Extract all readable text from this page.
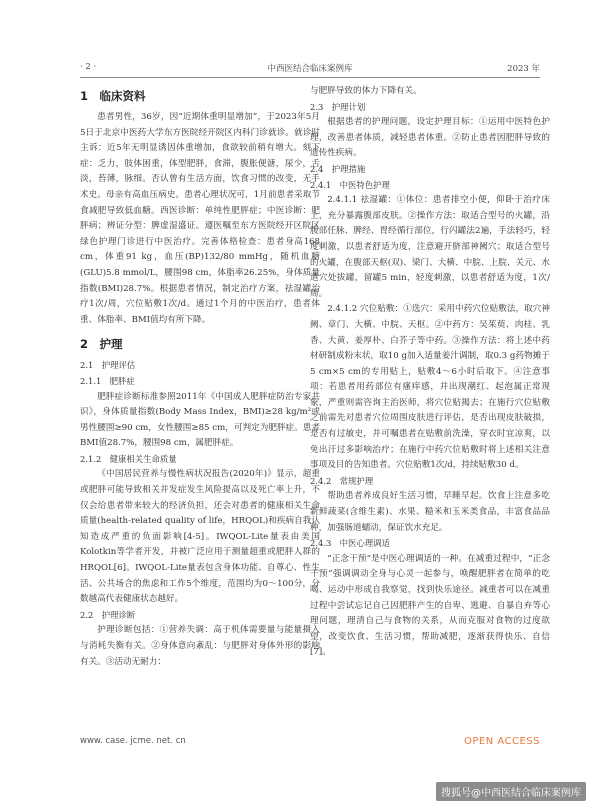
· 2 ·	中西医结合临床案例库	2023 年
1　临床资料

患者男性，36岁，因“近期体重明显增加”，于2023年5月5日于北京中医药大学东方医院经开院区内科门诊就诊。就诊时主诉：近5年无明显诱因体重增加，食欲较前稍有增大。刻下症：乏力，肢体困重，体型肥胖，食滞，腹胀便溏，尿少，舌淡，苔薄，脉细。否认曾有生活方面，饮食习惯的改变，无手术史。母亲有高血压病史。患者心理状况可，1月前患者采取节食减肥导致低血糖。西医诊断：单纯性肥胖症；中医诊断：肥胖病；辨证分型：脾虚湿盛证。遵医嘱至东方医院经开区院区绿色护理门诊进行中医治疗。完善体格检查：患者身高168 cm，体重91 kg，血压(BP)132/80 mmHg，随机血糖(GLU)5.8 mmol/L，腰围98 cm，体脂率26.25%，身体质量指数(BMI)28.7%。根据患者情况，制定治疗方案，祛湿罐治疗1次/周，穴位贴敷1次/d。通过1个月的中医治疗，患者体重、体脂率、BMI值均有所下降。

2　护理
2.1　护理评估
2.1.1　肥胖症

肥胖症诊断标准参照2011年《中国成人肥胖症防治专家共识》，身体质量指数(Body Mass Index，BMI)≥28 kg/m²或男性腰围≥90 cm，女性腰围≥85 cm，可判定为肥胖症。患者BMI值28.7%，腰围98 cm，属肥胖症。

2.1.2　健康相关生命质量

《中国居民营养与慢性病状况报告(2020年)》显示，超重或肥胖可能导致相关并发症发生风险提高以及死亡率上升，不仅会给患者带来较大的经济负担，还会对患者的健康相关生命质量(health-related quality of life，HRQOL)和疾病自我认知造成严重的负面影响[4-5]。IWQOL-Lite量表由美国Kolotkin等学者开发，并被广泛应用于测量超重或肥胖人群的HRQOL[6]。IWQOL-Lite量表包含身体功能、自尊心、性生活、公共场合的焦虑和工作5个维度，范围均为0～100分，分数越高代表健康状态越好。

2.2　护理诊断

护理诊断包括：①营养失调：高于机体需要量与能量摄入与消耗失衡有关。②身体意向紊乱：与肥胖对身体外形的影响有关。③活动无耐力：

与肥胖导致的体力下降有关。

2.3　护理计划

根据患者的护理问题，设定护理目标：①运用中医特色护理，改善患者体质，减轻患者体重。②防止患者因肥胖导致的遗传性疾病。

2.4　护理措施
2.4.1　中医特色护理

2.4.1.1 祛湿罐：①体位：患者排空小便，仰卧于治疗床上，充分暴露腹部皮肤。②操作方法：取适合型号的火罐，沿腹部任脉、脾经、胃经循行部位，行闪罐法2遍，手法轻巧，轻度刺激，以患者舒适为度，注意避开脐部神阙穴；取适合型号的火罐，在腹部天枢(双)、梁门、大横、中脘、上脘、关元、水道穴处拔罐，留罐5 min，轻度刺激，以患者舒适为度，1次/周。

2.4.1.2 穴位贴敷：①选穴：采用中药穴位贴敷法，取穴神阙、章门、大横、中脘、天枢。②中药方：吴茱萸、肉桂、乳香、大黄、姜厚朴、白芥子等中药。③操作方法：将上述中药材研制成粉末状，取10 g加入适量姜汁调制，取0.3 g药物摊于5 cm×5 cm的专用贴上，贴敷4～6小时后取下。④注意事项：若患者用药部位有瘙痒感，并出现潮红、起泡属正常现象，严重则需咨询主治医师，将穴位贴揭去；在施行穴位贴敷之前需先对患者穴位周围皮肤进行评估，是否出现皮肤破损，是否有过敏史，并可嘱患者在贴敷前洗澡，穿衣时宜凉爽，以免出汗过多影响治疗；在施行中药穴位贴敷时将上述相关注意事项及目的告知患者。穴位贴敷1次/d，持续贴敷30 d。

2.4.2　常规护理

帮助患者养成良好生活习惯，早睡早起。饮食上注意多吃新鲜蔬菜(含维生素)、水果、糙米和玉米类食品，丰富食品品种，加强肠道蠕动，保证饮水充足。

2.4.3　中医心理调适

“正念干预”是中医心理调适的一种。在减重过程中，“正念干预”强调调动全身与心灵一起参与，唤醒肥胖者在简单的吃喝、运动中形成自我察觉，找到快乐途径。减重者可以在减重过程中尝试忘记自己因肥胖产生的自卑、逃避、自暴自弃等心理问题，理清自己与食物的关系，从而克服对食物的过度欲望，改变饮食、生活习惯，帮助减肥，逐渐获得快乐、自信[7]。

www. case. jcme. net. cn	OPEN ACCESS
搜狐号@中西医结合临床案例库
